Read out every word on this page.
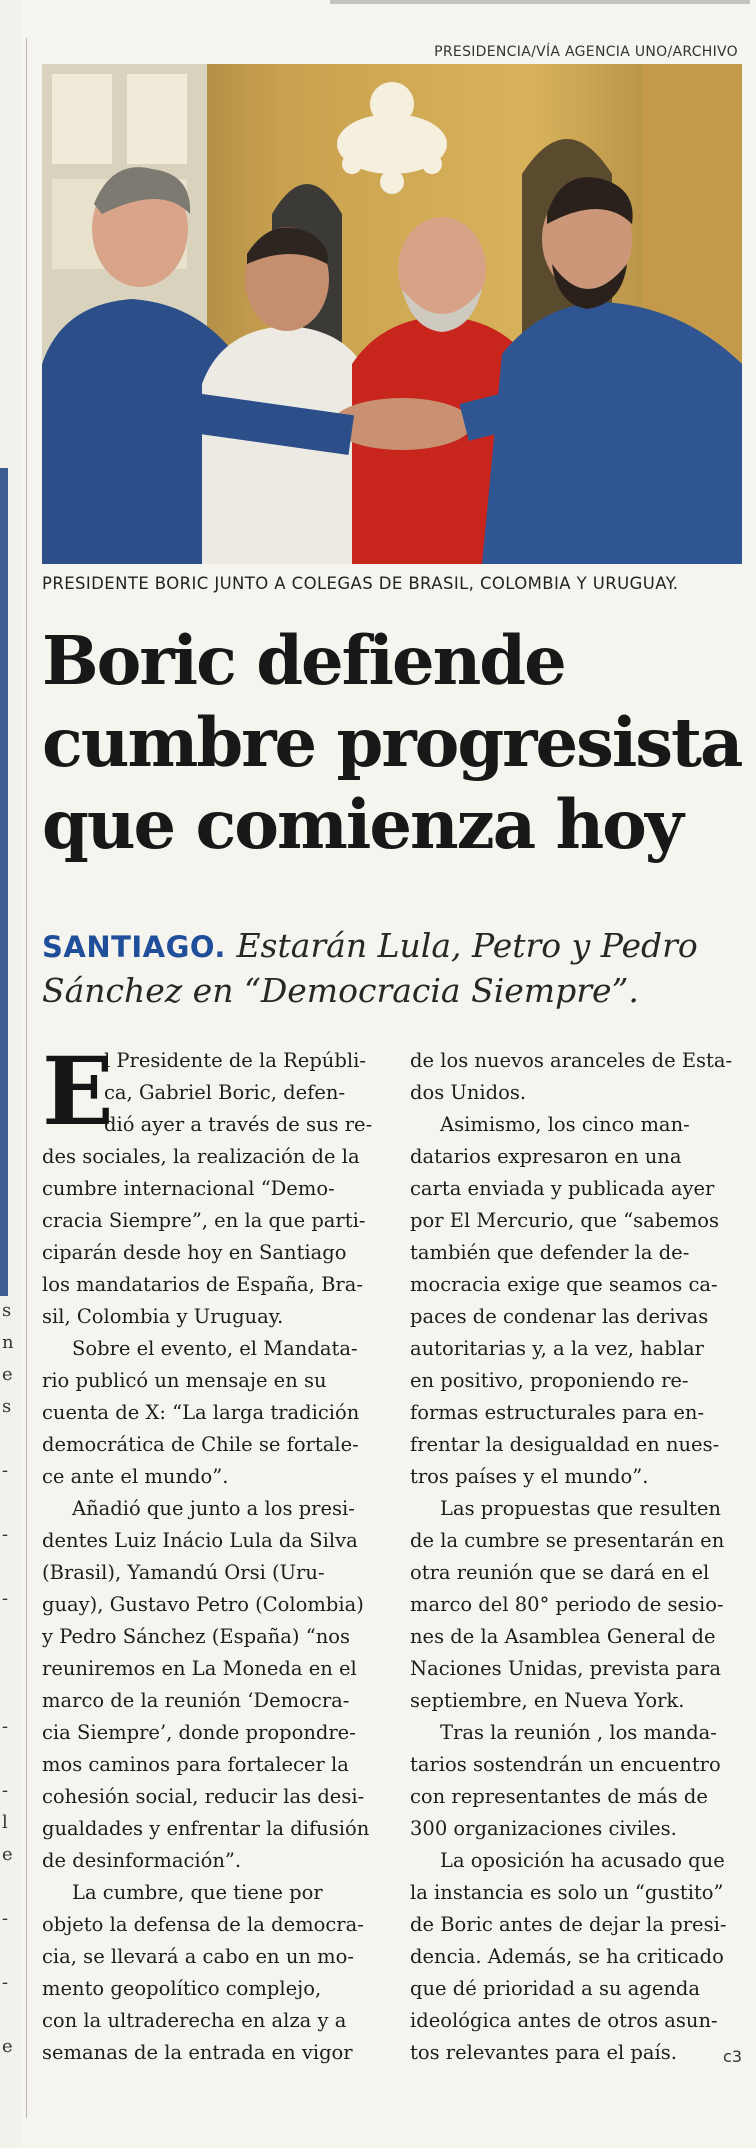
s
n
e
s
-
-
-
-
-
l
e
-
-
e
PRESIDENCIA/VÍA AGENCIA UNO/ARCHIVO
PRESIDENTE BORIC JUNTO A COLEGAS DE BRASIL, COLOMBIA Y URUGUAY.
Boric defiende
cumbre progresista
que comienza hoy
SANTIAGO. Estarán Lula, Petro y Pedro
Sánchez en “Democracia Siempre”.
E
l Presidente de la Repúbli-
ca, Gabriel Boric, defen-
dió ayer a través de sus re-
des sociales, la realización de la
cumbre internacional “Demo-
cracia Siempre”, en la que parti-
ciparán desde hoy en Santiago
los mandatarios de España, Bra-
sil, Colombia y Uruguay.

Sobre el evento, el Mandata-
rio publicó un mensaje en su
cuenta de X: “La larga tradición
democrática de Chile se fortale-
ce ante el mundo”.

Añadió que junto a los presi-
dentes Luiz Inácio Lula da Silva
(Brasil), Yamandú Orsi (Uru-
guay), Gustavo Petro (Colombia)
y Pedro Sánchez (España) “nos
reuniremos en La Moneda en el
marco de la reunión ‘Democra-
cia Siempre’, donde propondre-
mos caminos para fortalecer la
cohesión social, reducir las desi-
gualdades y enfrentar la difusión
de desinformación”.

La cumbre, que tiene por
objeto la defensa de la democra-
cia, se llevará a cabo en un mo-
mento geopolítico complejo,
con la ultraderecha en alza y a
semanas de la entrada en vigor

de los nuevos aranceles de Esta-
dos Unidos.

Asimismo, los cinco man-
datarios expresaron en una
carta enviada y publicada ayer
por El Mercurio, que “sabemos
también que defender la de-
mocracia exige que seamos ca-
paces de condenar las derivas
autoritarias y, a la vez, hablar
en positivo, proponiendo re-
formas estructurales para en-
frentar la desigualdad en nues-
tros países y el mundo”.

Las propuestas que resulten
de la cumbre se presentarán en
otra reunión que se dará en el
marco del 80° periodo de sesio-
nes de la Asamblea General de
Naciones Unidas, prevista para
septiembre, en Nueva York.

Tras la reunión , los manda-
tarios sostendrán un encuentro
con representantes de más de
300 organizaciones civiles.

La oposición ha acusado que
la instancia es solo un “gustito”
de Boric antes de dejar la presi-
dencia. Además, se ha criticado
que dé prioridad a su agenda
ideológica antes de otros asun-
tos relevantes para el país.	c3
